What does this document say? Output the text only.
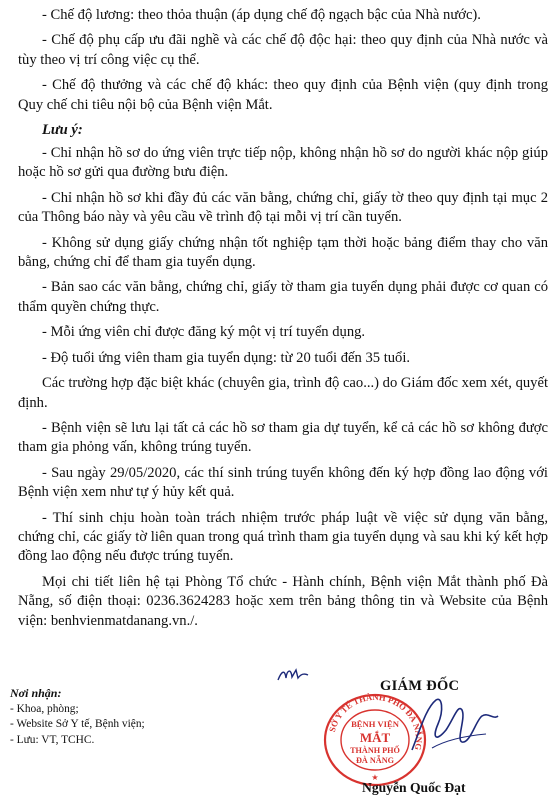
- Chế độ lương: theo thỏa thuận (áp dụng chế độ ngạch bậc của Nhà nước).

- Chế độ phụ cấp ưu đãi nghề và các chế độ độc hại: theo quy định của Nhà nước và tùy theo vị trí công việc cụ thể.

- Chế độ thưởng và các chế độ khác: theo quy định của Bệnh viện (quy định trong Quy chế chi tiêu nội bộ của Bệnh viện Mắt.

Lưu ý:

- Chỉ nhận hồ sơ do ứng viên trực tiếp nộp, không nhận hồ sơ do người khác nộp giúp hoặc hồ sơ gửi qua đường bưu điện.

- Chỉ nhận hồ sơ khi đầy đủ các văn bằng, chứng chỉ, giấy tờ theo quy định tại mục 2 của Thông báo này và yêu cầu về trình độ tại mỗi vị trí cần tuyển.

- Không sử dụng giấy chứng nhận tốt nghiệp tạm thời hoặc bảng điểm thay cho văn bằng, chứng chỉ để tham gia tuyển dụng.

- Bản sao các văn bằng, chứng chỉ, giấy tờ tham gia tuyển dụng phải được cơ quan có thẩm quyền chứng thực.

- Mỗi ứng viên chỉ được đăng ký một vị trí tuyển dụng.

- Độ tuổi ứng viên tham gia tuyển dụng: từ 20 tuổi đến 35 tuổi.

Các trường hợp đặc biệt khác (chuyên gia, trình độ cao...) do Giám đốc xem xét, quyết định.

- Bệnh viện sẽ lưu lại tất cả các hồ sơ tham gia dự tuyển, kể cả các hồ sơ không được tham gia phỏng vấn, không trúng tuyển.

- Sau ngày 29/05/2020, các thí sinh trúng tuyển không đến ký hợp đồng lao động với Bệnh viện xem như tự ý hủy kết quả.

- Thí sinh chịu hoàn toàn trách nhiệm trước pháp luật về việc sử dụng văn bằng, chứng chỉ, các giấy tờ liên quan trong quá trình tham gia tuyển dụng và sau khi ký kết hợp đồng lao động nếu được trúng tuyển.

Mọi chi tiết liên hệ tại Phòng Tổ chức - Hành chính, Bệnh viện Mắt thành phố Đà Nẵng, số điện thoại: 0236.3624283 hoặc xem trên bảng thông tin và Website của Bệnh viện: benhvienmatdanang.vn./.

Nơi nhận:
- Khoa, phòng;
- Website Sở Y tế, Bệnh viện;
- Lưu: VT, TCHC.
GIÁM ĐỐC
SỞ Y TẾ THÀNH PHỐ ĐÀ NẴNG
BỆNH VIỆN
MẮT
THÀNH PHỐ
ĐÀ NẴNG
★
Nguyễn Quốc Đạt
